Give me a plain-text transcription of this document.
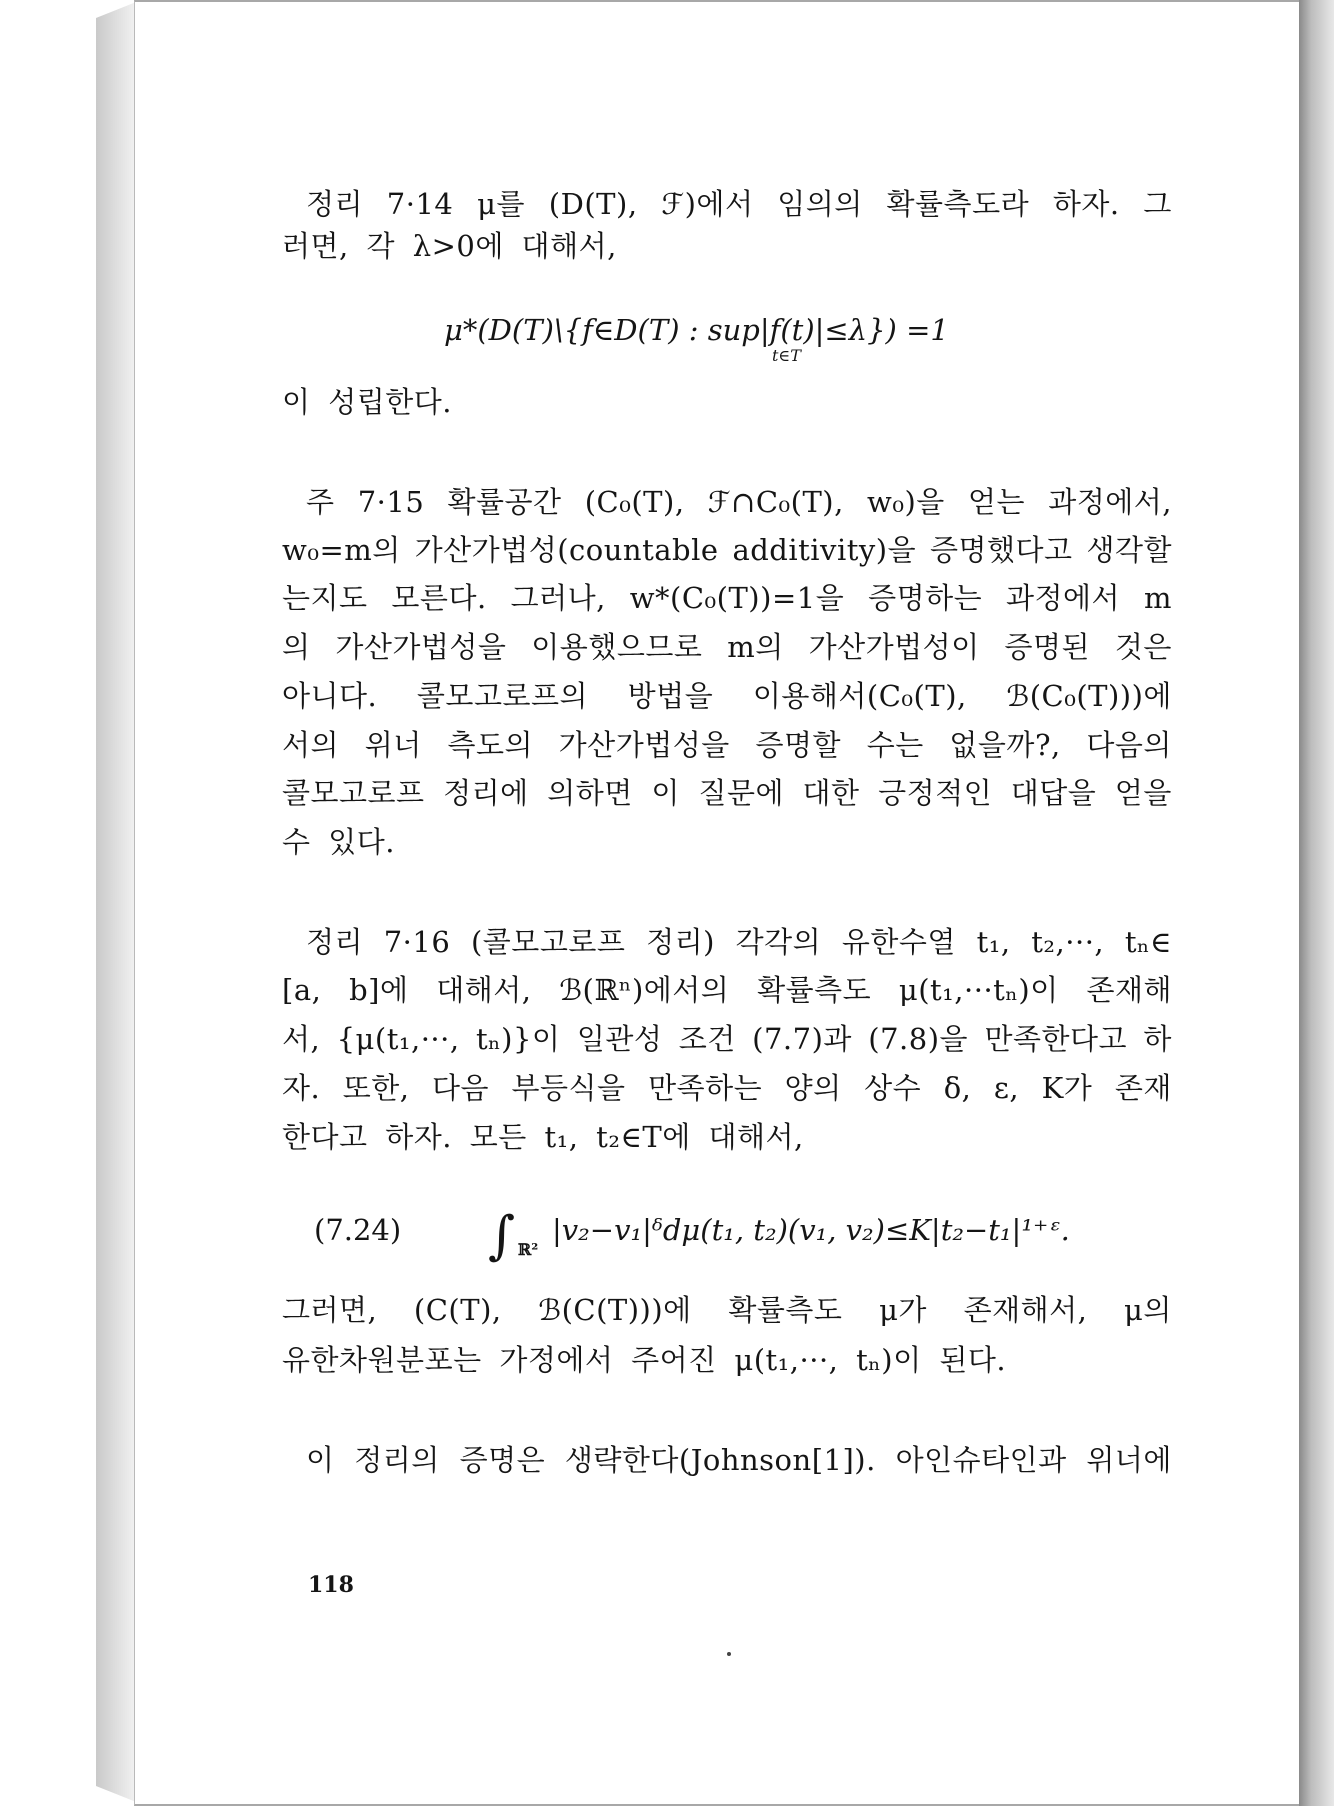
정리 7·14 μ를 (D(T), ℱ)에서 임의의 확률측도라 하자. 그
러면, 각 λ>0에 대해서,
μ*(D(T)\{f∈D(T) : sup|f(t)|≤λ}) =1
t∈T
이 성립한다.
주 7·15 확률공간 (C₀(T), ℱ∩C₀(T), w₀)을 얻는 과정에서,
w₀=m의 가산가법성(countable additivity)을 증명했다고 생각할
는지도 모른다. 그러나, w*(C₀(T))=1을 증명하는 과정에서 m
의 가산가법성을 이용했으므로 m의 가산가법성이 증명된 것은
아니다. 콜모고로프의 방법을 이용해서(C₀(T), ℬ(C₀(T)))에
서의 위너 측도의 가산가법성을 증명할 수는 없을까?, 다음의
콜모고로프 정리에 의하면 이 질문에 대한 긍정적인 대답을 얻을
수 있다.
정리 7·16 (콜모고로프 정리) 각각의 유한수열 t₁, t₂,···, tₙ∈
[a, b]에 대해서, ℬ(ℝⁿ)에서의 확률측도 μ(t₁,···tₙ)이 존재해
서, {μ(t₁,···, tₙ)}이 일관성 조건 (7.7)과 (7.8)을 만족한다고 하
자. 또한, 다음 부등식을 만족하는 양의 상수 δ, ε, K가 존재
한다고 하자. 모든 t₁, t₂∈T에 대해서,
(7.24) ∫ ℝ²
|v₂−v₁|ᵟdμ(t₁, t₂)(v₁, v₂)≤K|t₂−t₁|¹⁺ᵋ.
그러면, (C(T), ℬ(C(T)))에 확률측도 μ가 존재해서, μ의
유한차원분포는 가정에서 주어진 μ(t₁,···, tₙ)이 된다.
이 정리의 증명은 생략한다(Johnson[1]). 아인슈타인과 위너에
118
